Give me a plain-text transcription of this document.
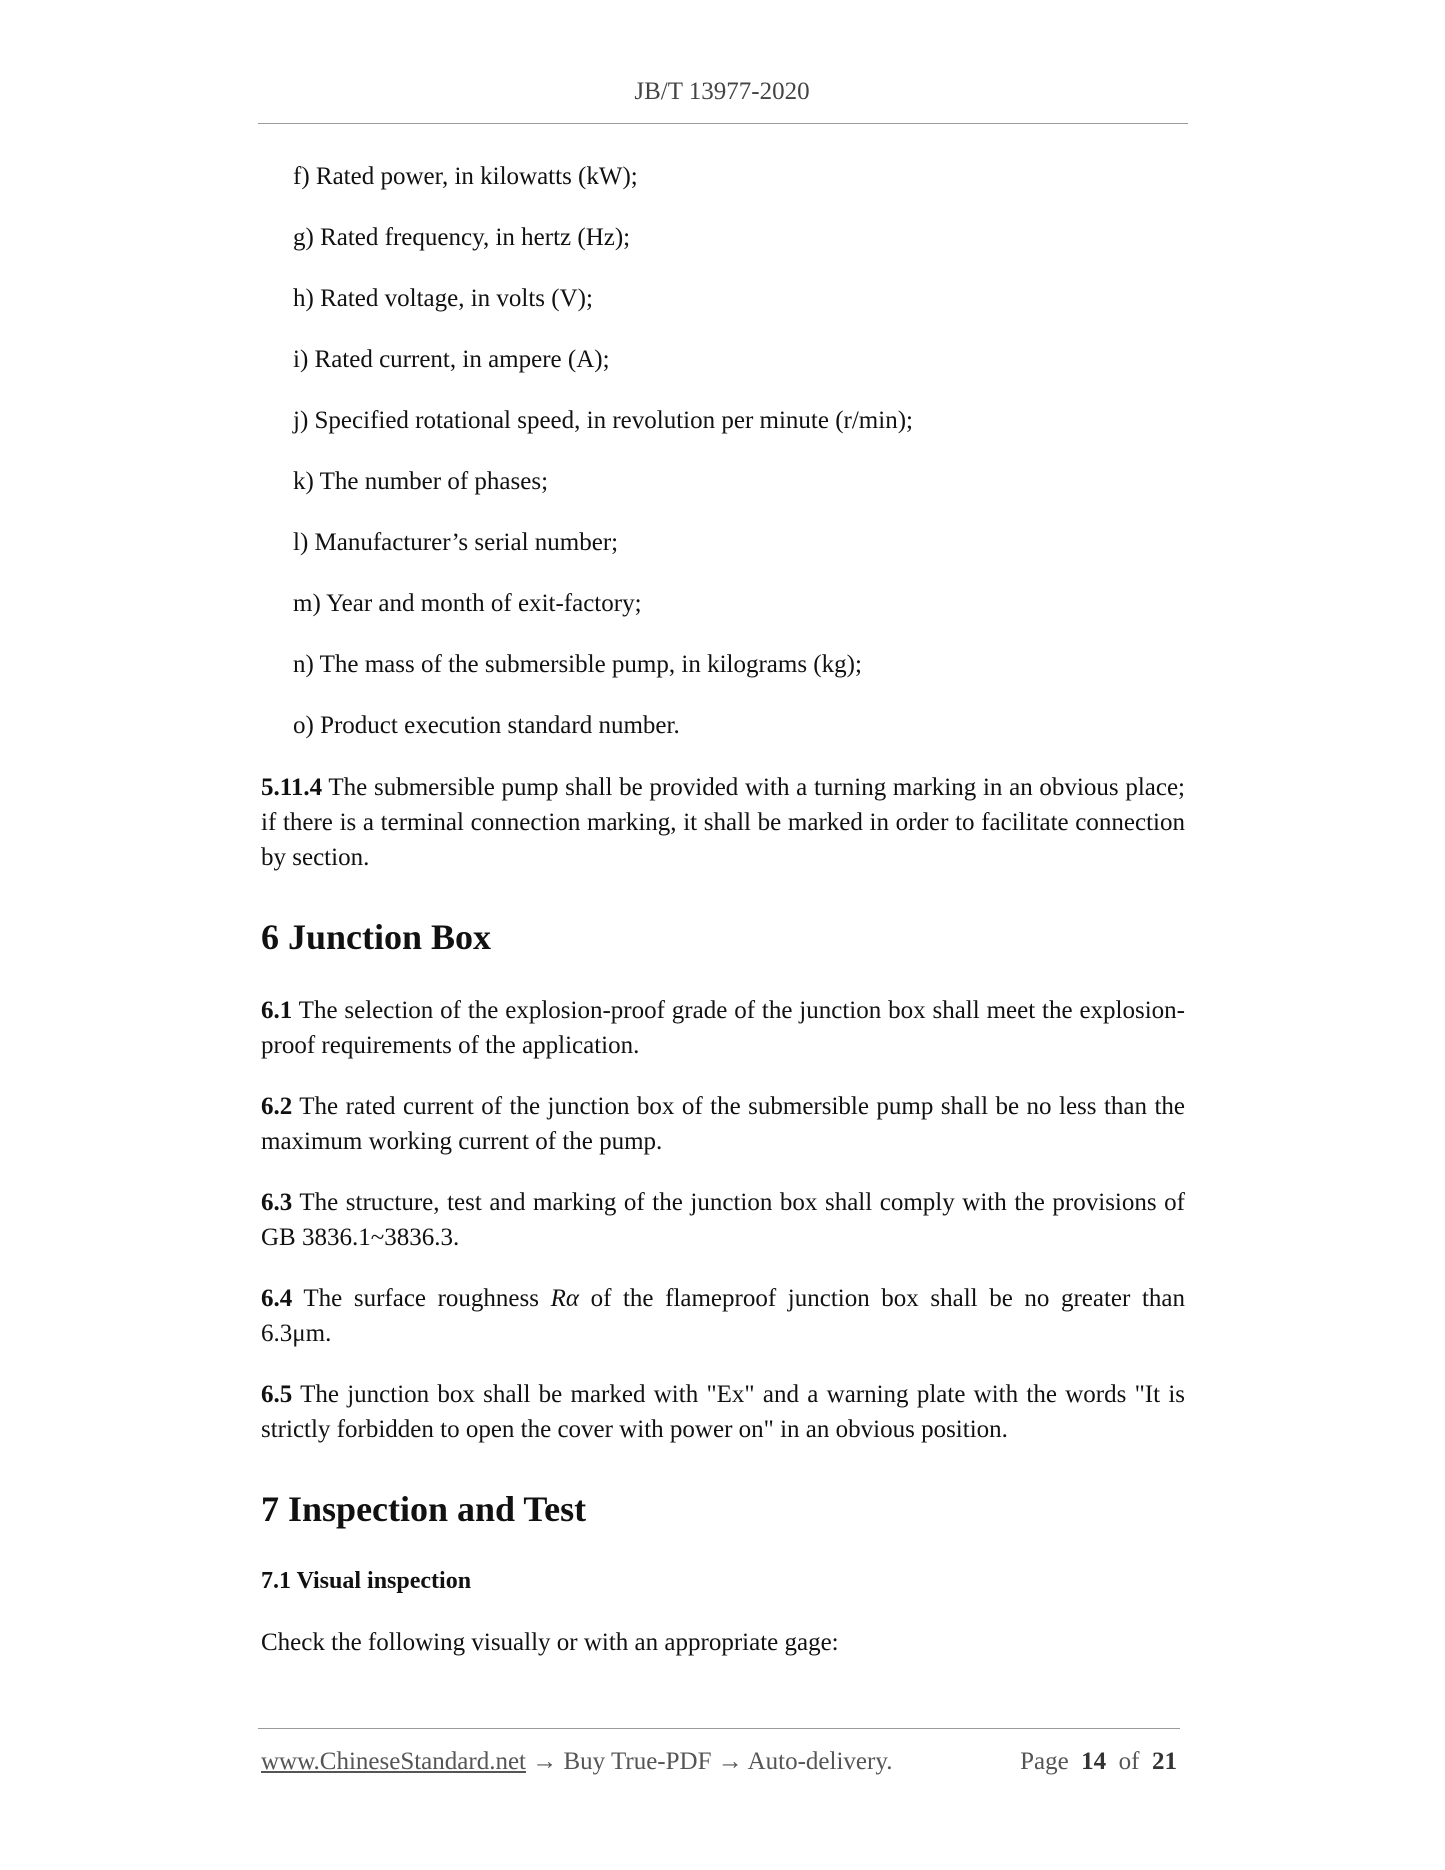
JB/T 13977-2020
f) Rated power, in kilowatts (kW);
g) Rated frequency, in hertz (Hz);
h) Rated voltage, in volts (V);
i) Rated current, in ampere (A);
j) Specified rotational speed, in revolution per minute (r/min);
k) The number of phases;
l) Manufacturer’s serial number;
m) Year and month of exit-factory;
n) The mass of the submersible pump, in kilograms (kg);
o) Product execution standard number.

5.11.4 The submersible pump shall be provided with a turning marking in an obvious place; if there is a terminal connection marking, it shall be marked in order to facilitate connection by section.

6 Junction Box

6.1 The selection of the explosion-proof grade of the junction box shall meet the explosion-proof requirements of the application.

6.2 The rated current of the junction box of the submersible pump shall be no less than the maximum working current of the pump.

6.3 The structure, test and marking of the junction box shall comply with the provisions of GB 3836.1~3836.3.

6.4 The surface roughness Rα of the flameproof junction box shall be no greater than 6.3μm.

6.5 The junction box shall be marked with "Ex" and a warning plate with the words "It is strictly forbidden to open the cover with power on" in an obvious position.

7 Inspection and Test
7.1 Visual inspection

Check the following visually or with an appropriate gage:

www.ChineseStandard.net → Buy True-PDF → Auto-delivery.	Page 14 of 21
